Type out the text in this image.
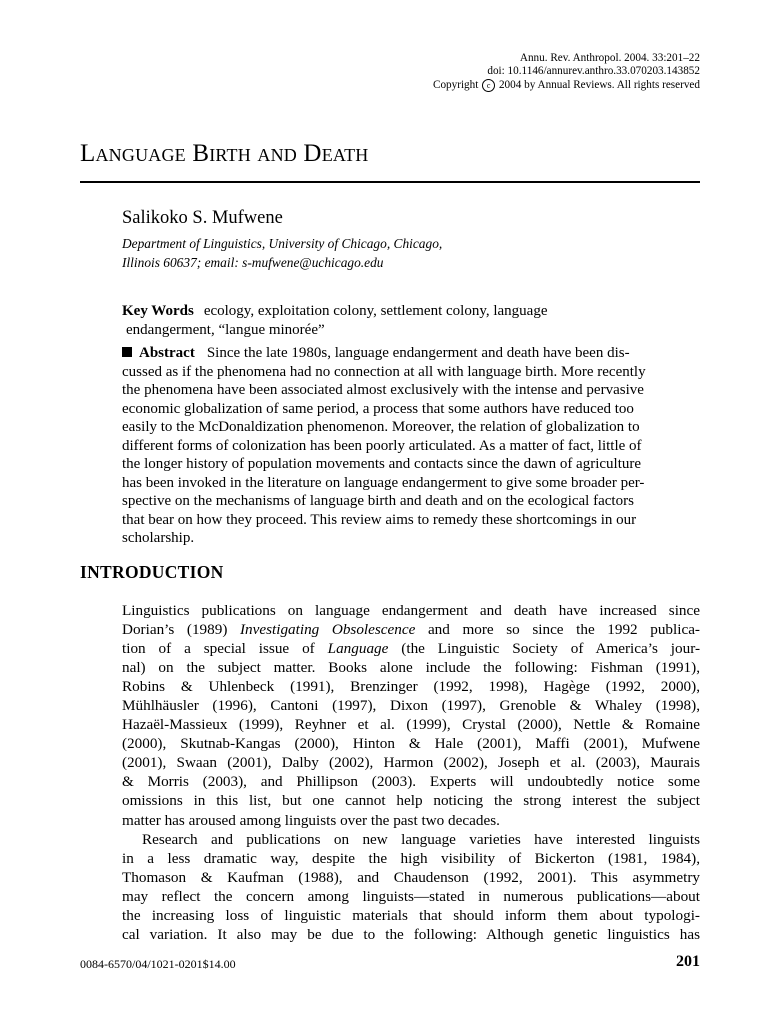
Annu. Rev. Anthropol. 2004. 33:201–22
doi: 10.1146/annurev.anthro.33.070203.143852
Copyright c 2004 by Annual Reviews. All rights reserved
Language Birth and Death
Salikoko S. Mufwene
Department of Linguistics, University of Chicago, Chicago,
Illinois 60637; email: s-mufwene@uchicago.edu
Key Words ecology, exploitation colony, settlement colony, language
endangerment, “langue minorée”
Abstract Since the late 1980s, language endangerment and death have been dis-
cussed as if the phenomena had no connection at all with language birth. More recently
the phenomena have been associated almost exclusively with the intense and pervasive
economic globalization of same period, a process that some authors have reduced too
easily to the McDonaldization phenomenon. Moreover, the relation of globalization to
different forms of colonization has been poorly articulated. As a matter of fact, little of
the longer history of population movements and contacts since the dawn of agriculture
has been invoked in the literature on language endangerment to give some broader per-
spective on the mechanisms of language birth and death and on the ecological factors
that bear on how they proceed. This review aims to remedy these shortcomings in our
scholarship.
INTRODUCTION
Linguistics publications on language endangerment and death have increased since
Dorian’s (1989) Investigating Obsolescence and more so since the 1992 publica-
tion of a special issue of Language (the Linguistic Society of America’s jour-
nal) on the subject matter. Books alone include the following: Fishman (1991),
Robins & Uhlenbeck (1991), Brenzinger (1992, 1998), Hagège (1992, 2000),
Mühlhäusler (1996), Cantoni (1997), Dixon (1997), Grenoble & Whaley (1998),
Hazaël-Massieux (1999), Reyhner et al. (1999), Crystal (2000), Nettle & Romaine
(2000), Skutnab-Kangas (2000), Hinton & Hale (2001), Maffi (2001), Mufwene
(2001), Swaan (2001), Dalby (2002), Harmon (2002), Joseph et al. (2003), Maurais
& Morris (2003), and Phillipson (2003). Experts will undoubtedly notice some
omissions in this list, but one cannot help noticing the strong interest the subject
matter has aroused among linguists over the past two decades.
Research and publications on new language varieties have interested linguists
in a less dramatic way, despite the high visibility of Bickerton (1981, 1984),
Thomason & Kaufman (1988), and Chaudenson (1992, 2001). This asymmetry
may reflect the concern among linguists—stated in numerous publications—about
the increasing loss of linguistic materials that should inform them about typologi-
cal variation. It also may be due to the following: Although genetic linguistics has
0084-6570/04/1021-0201$14.00	201
